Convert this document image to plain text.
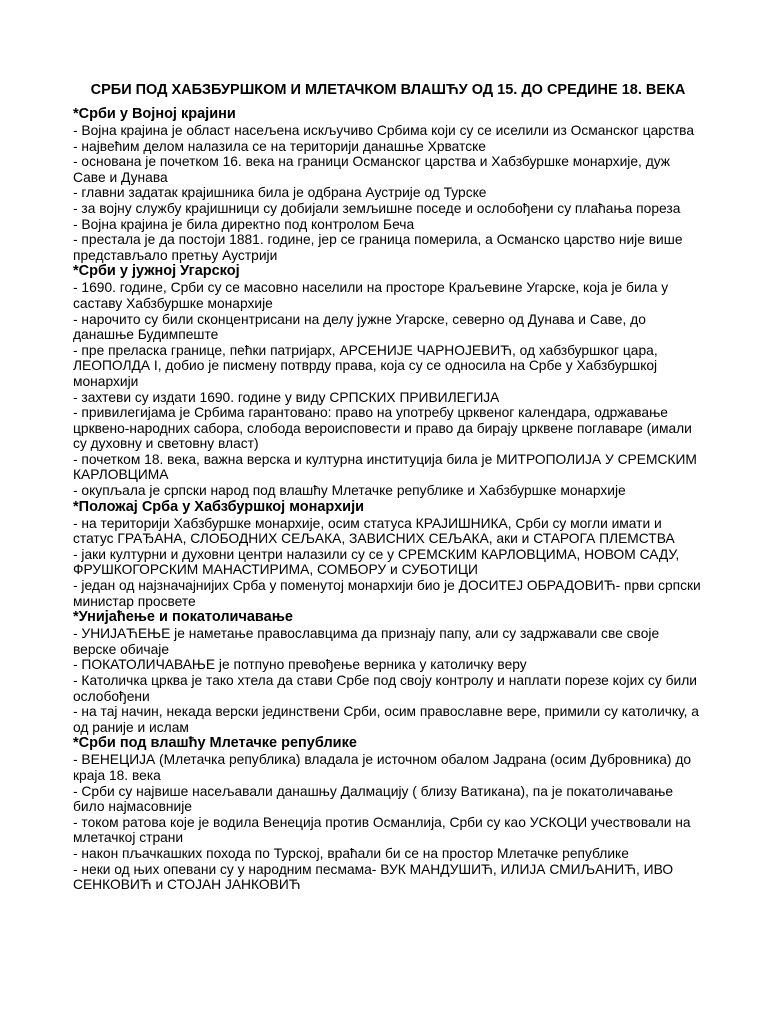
СРБИ ПОД ХАБЗБУРШКОМ И МЛЕТАЧКОМ ВЛАШЋУ ОД 15. ДО СРЕДИНЕ 18. ВЕКА
*Срби у Војној крајини
- Војна крајина је област насељена искључиво Србима који су се иселили из Османског царства
- највећим делом налазила се на територији данашње Хрватске
- основана је почетком 16. века на граници Османског царства и Хабзбуршке монархије, дуж Саве и Дунава
- главни задатак крајишника била је одбрана Аустрије од Турске
- за војну службу крајишници су добијали земљишне поседе и ослобођени су плаћања пореза
- Војна крајина је била директно под контролом Беча
- престала је да постоји 1881. године, јер се граница померила, а Османско царство није више представљало претњу Аустрији
*Срби у јужној Угарској
- 1690. године, Срби су се масовно населили на просторе Краљевине Угарске, која је била у саставу Хабзбуршке монархије
- нарочито су били сконцентрисани на делу јужне Угарске, северно од Дунава и Саве, до данашње Будимпеште
- пре преласка границе, пећки патријарх, АРСЕНИЈЕ ЧАРНОЈЕВИЋ, од хабзбуршког цара, ЛЕОПОЛДА I, добио је писмену потврду права, која су се односила на Србе у Хабзбуршкој монархији
- захтеви су издати 1690. године у виду СРПСКИХ ПРИВИЛЕГИЈА
- привилегијама је Србима гарантовано: право на употребу црквеног календара, одржавање црквено-народних сабора, слобода вероисповести и право да бирају црквене поглаваре (имали су духовну и световну власт)
- почетком 18. века, важна верска и културна институција била је МИТРОПОЛИЈА У СРЕМСКИМ КАРЛОВЦИМА
- окупљала је српски народ под влашћу Млетачке републике и Хабзбуршке монархије
*Положај Срба у Хабзбуршкој монархији
- на територији Хабзбуршке монархије, осим статуса КРАЈИШНИКА, Срби су могли имати и статус ГРАЂАНА, СЛОБОДНИХ СЕЉАКА, ЗАВИСНИХ СЕЉАКА, аки и СТАРОГА ПЛЕМСТВА
- јаки културни и духовни центри налазили су се у СРЕМСКИМ КАРЛОВЦИМА, НОВОМ САДУ, ФРУШКОГОРСКИМ МАНАСТИРИМА, СОМБОРУ и СУБОТИЦИ
- један од најзначајнијих Срба у поменутој монархији био је ДОСИТЕЈ ОБРАДОВИЋ- први српски министар просвете
*Унијаћење и покатоличавање
- УНИЈАЋЕЊЕ је наметање православцима да признају папу, али су задржавали све своје верске обичаје
- ПОКАТОЛИЧАВАЊЕ је потпуно превођење верника у католичку веру
- Католичка црква је тако хтела да стави Србе под своју контролу и наплати порезе којих су били ослобођени
- на тај начин, некада верски јединствени Срби, осим православне вере, примили су католичку, а од раније и ислам
*Срби под влашћу Млетачке републике
- ВЕНЕЦИЈА (Млетачка република) владала је источном обалом Јадрана (осим Дубровника) до краја 18. века
- Срби су највише насељавали данашњу Далмацију ( близу Ватикана), па је покатоличавање било најмасовније
- током ратова које је водила Венеција против Османлија, Срби су као УСКОЦИ учествовали на млетачкој страни
- након пљачкашких похода по Турској, враћали би се на простор Млетачке републике
- неки од њих опевани су у народним песмама- ВУК МАНДУШИЋ, ИЛИЈА СМИЉАНИЋ, ИВО СЕНКОВИЋ и СТОЈАН ЈАНКОВИЋ
